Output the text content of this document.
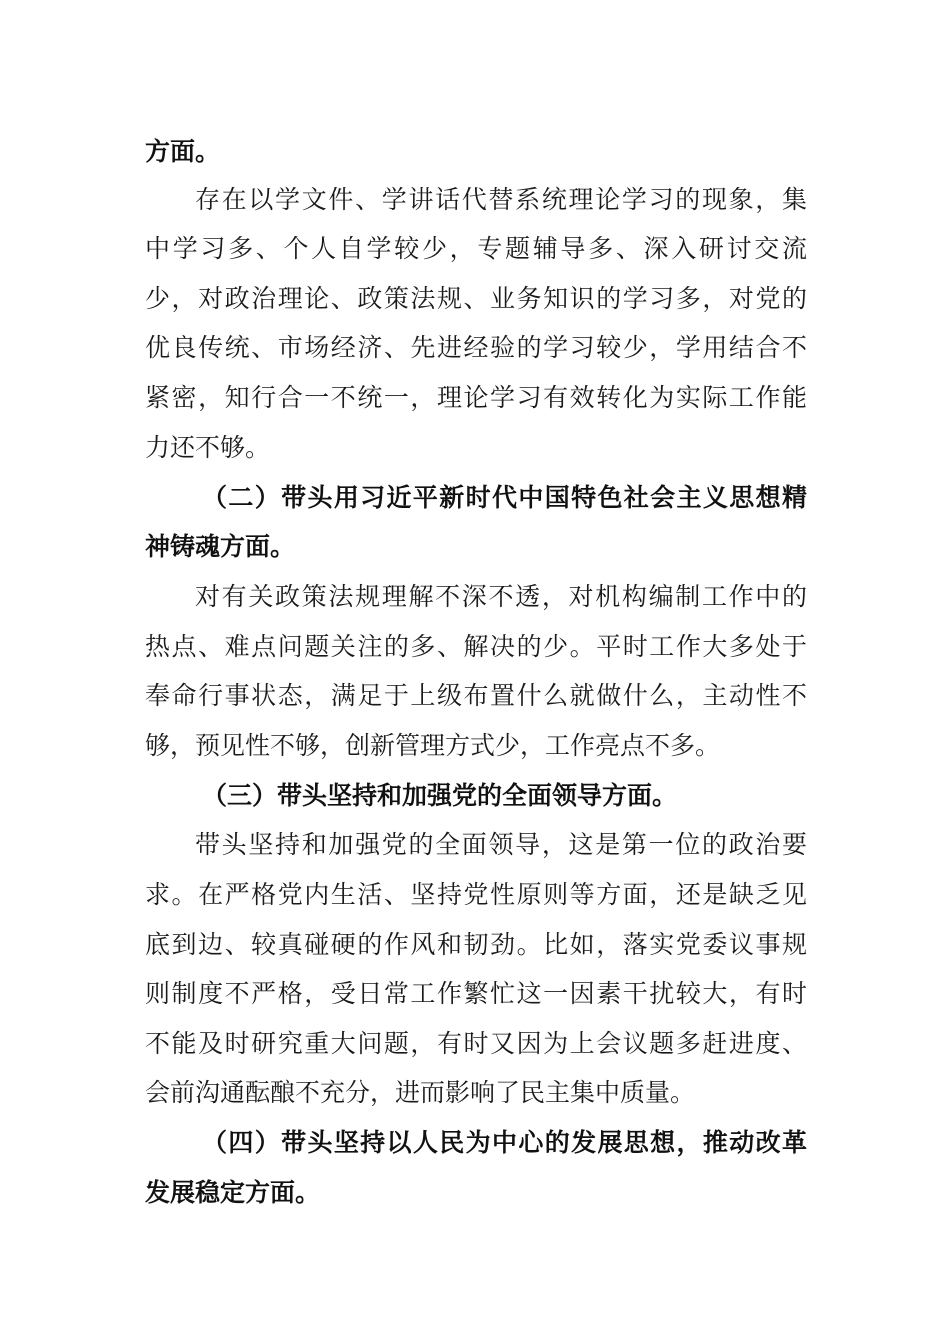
方面。
存在以学文件、学讲话代替系统理论学习的现象，集
中学习多、个人自学较少，专题辅导多、深入研讨交流
少，对政治理论、政策法规、业务知识的学习多，对党的
优良传统、市场经济、先进经验的学习较少，学用结合不
紧密，知行合一不统一，理论学习有效转化为实际工作能
力还不够。
（二）带头用习近平新时代中国特色社会主义思想精
神铸魂方面。
对有关政策法规理解不深不透，对机构编制工作中的
热点、难点问题关注的多、解决的少。平时工作大多处于
奉命行事状态，满足于上级布置什么就做什么，主动性不
够，预见性不够，创新管理方式少，工作亮点不多。
（三）带头坚持和加强党的全面领导方面。
带头坚持和加强党的全面领导，这是第一位的政治要
求。在严格党内生活、坚持党性原则等方面，还是缺乏见
底到边、较真碰硬的作风和韧劲。比如，落实党委议事规
则制度不严格，受日常工作繁忙这一因素干扰较大，有时
不能及时研究重大问题，有时又因为上会议题多赶进度、
会前沟通酝酿不充分，进而影响了民主集中质量。
（四）带头坚持以人民为中心的发展思想，推动改革
发展稳定方面。
